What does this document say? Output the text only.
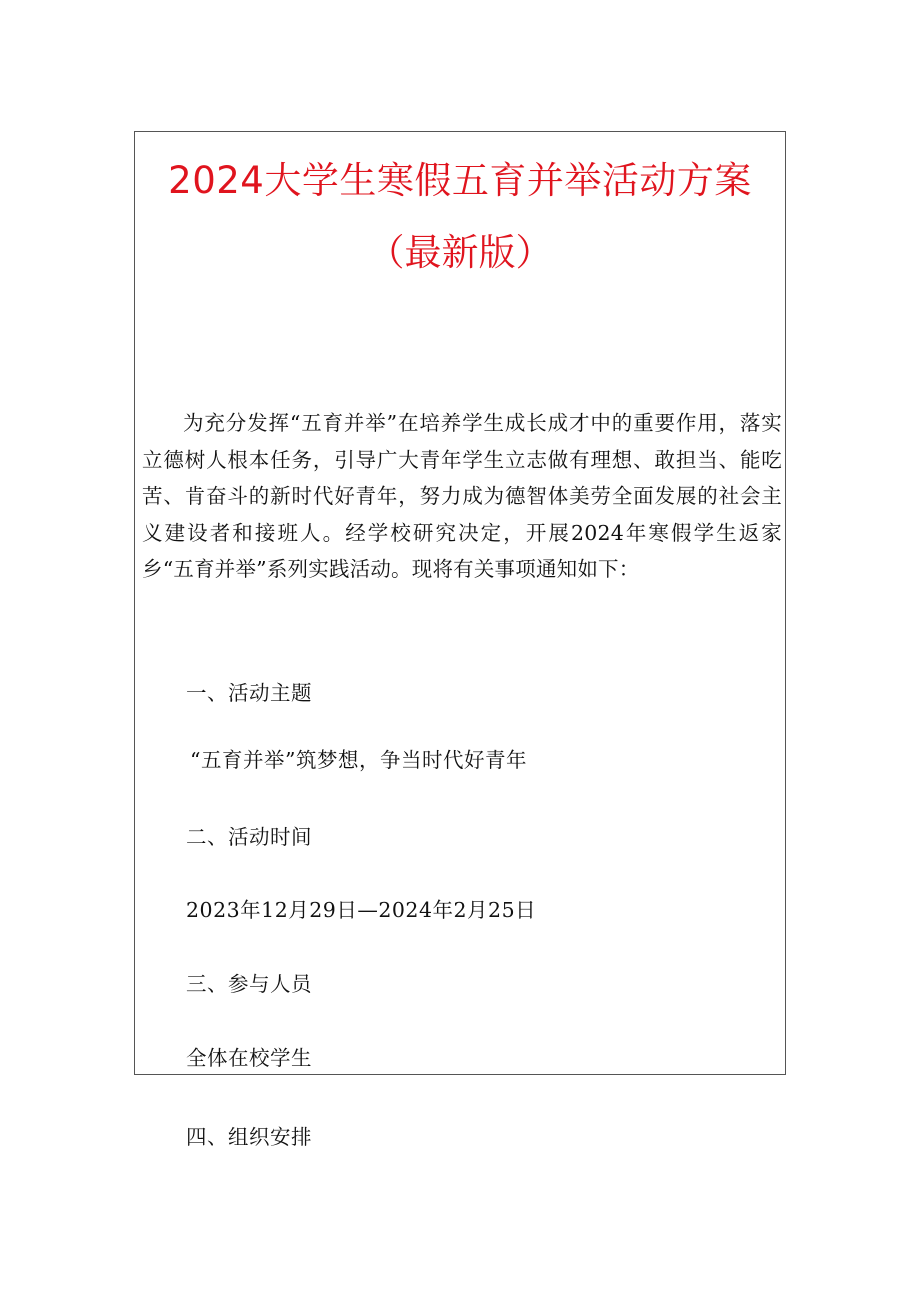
2024大学生寒假五育并举活动方案
（最新版）

为充分发挥“五育并举”在培养学生成长成才中的重要作用，落实立德树人根本任务，引导广大青年学生立志做有理想、敢担当、能吃苦、肯奋斗的新时代好青年，努力成为德智体美劳全面发展的社会主义建设者和接班人。经学校研究决定，开展2024年寒假学生返家乡“五育并举”系列实践活动。现将有关事项通知如下：

一、活动主题

“五育并举”筑梦想，争当时代好青年

二、活动时间

2023年12月29日—2024年2月25日

三、参与人员

全体在校学生

四、组织安排
